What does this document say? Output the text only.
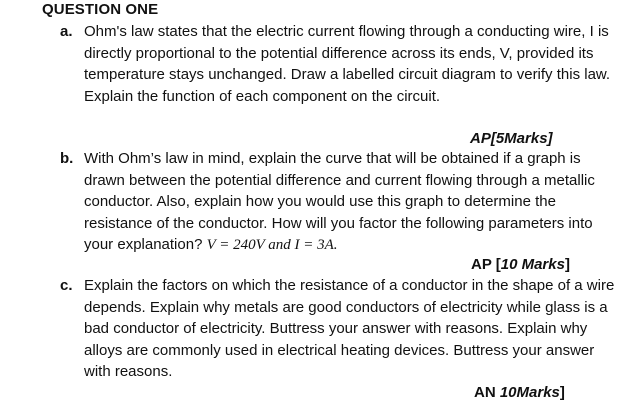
QUESTION ONE
a. Ohm's law states that the electric current flowing through a conducting wire, I is directly proportional to the potential difference across its ends, V, provided its temperature stays unchanged. Draw a labelled circuit diagram to verify this law. Explain the function of each component on the circuit.
AP[5Marks]
b. With Ohm’s law in mind, explain the curve that will be obtained if a graph is drawn between the potential difference and current flowing through a metallic conductor. Also, explain how you would use this graph to determine the resistance of the conductor. How will you factor the following parameters into your explanation? V = 240V and I = 3A.
AP [10 Marks]
c. Explain the factors on which the resistance of a conductor in the shape of a wire depends. Explain why metals are good conductors of electricity while glass is a bad conductor of electricity. Buttress your answer with reasons. Explain why alloys are commonly used in electrical heating devices. Buttress your answer with reasons.
AN 10Marks]
